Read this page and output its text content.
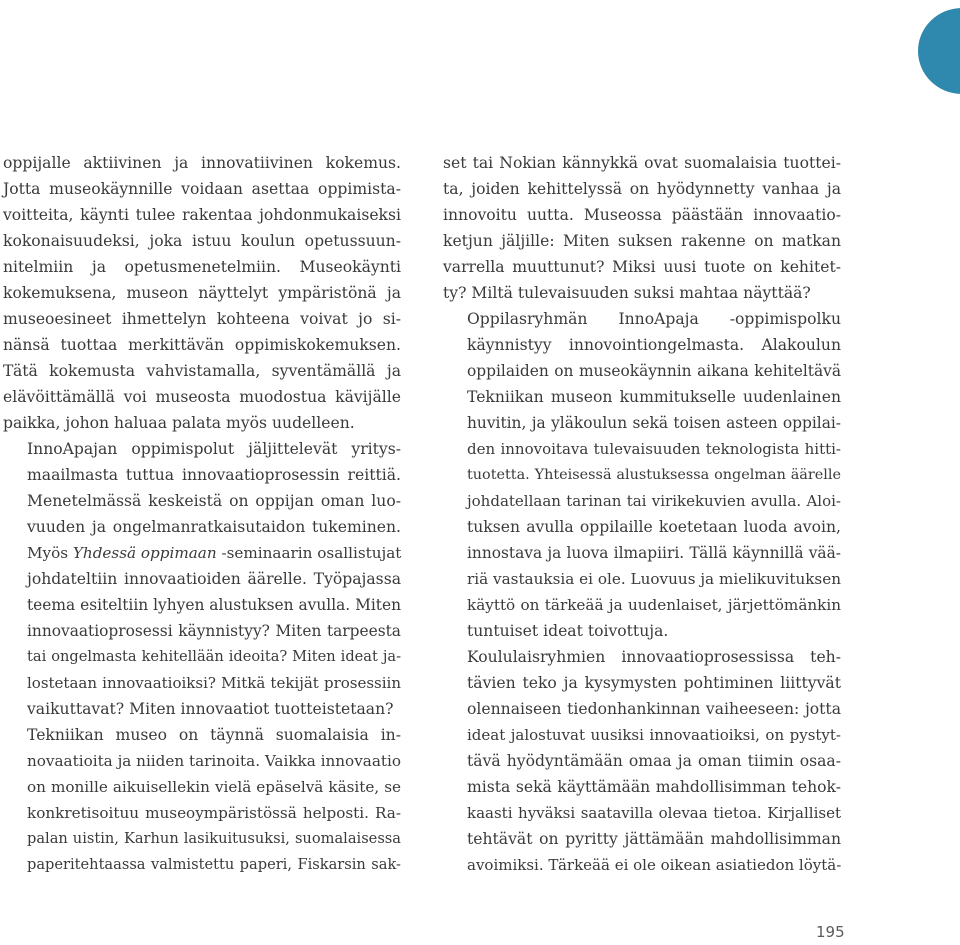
oppijalle aktiivinen ja innovatiivinen kokemus.
Jotta museokäynnille voidaan asettaa oppimista-
voitteita, käynti tulee rakentaa johdonmukaiseksi
kokonaisuudeksi, joka istuu koulun opetussuun-
nitelmiin ja opetusmenetelmiin. Museokäynti
kokemuksena, museon näyttelyt ympäristönä ja
museoesineet ihmettelyn kohteena voivat jo si-
nänsä tuottaa merkittävän oppimiskokemuksen.
Tätä kokemusta vahvistamalla, syventämällä ja
elävöittämällä voi museosta muodostua kävijälle
paikka, johon haluaa palata myös uudelleen.

InnoApajan oppimispolut jäljittelevät yritys-
maailmasta tuttua innovaatioprosessin reittiä.
Menetelmässä keskeistä on oppijan oman luo-
vuuden ja ongelmanratkaisutaidon tukeminen.
Myös Yhdessä oppimaan -seminaarin osallistujat
johdateltiin innovaatioiden äärelle. Työpajassa
teema esiteltiin lyhyen alustuksen avulla. Miten
innovaatioprosessi käynnistyy? Miten tarpeesta
tai ongelmasta kehitellään ideoita? Miten ideat ja-
lostetaan innovaatioiksi? Mitkä tekijät prosessiin
vaikuttavat? Miten innovaatiot tuotteistetaan?

Tekniikan museo on täynnä suomalaisia in-
novaatioita ja niiden tarinoita. Vaikka innovaatio
on monille aikuisellekin vielä epäselvä käsite, se
konkretisoituu museoympäristössä helposti. Ra-
palan uistin, Karhun lasikuitusuksi, suomalaisessa
paperitehtaassa valmistettu paperi, Fiskarsin sak-

set tai Nokian kännykkä ovat suomalaisia tuottei-
ta, joiden kehittelyssä on hyödynnetty vanhaa ja
innovoitu uutta. Museossa päästään innovaatio-
ketjun jäljille: Miten suksen rakenne on matkan
varrella muuttunut? Miksi uusi tuote on kehitet-
ty? Miltä tulevaisuuden suksi mahtaa näyttää?

Oppilasryhmän InnoApaja -oppimispolku
käynnistyy innovointiongelmasta. Alakoulun
oppilaiden on museokäynnin aikana kehiteltävä
Tekniikan museon kummitukselle uudenlainen
huvitin, ja yläkoulun sekä toisen asteen oppilai-
den innovoitava tulevaisuuden teknologista hitti-
tuotetta. Yhteisessä alustuksessa ongelman äärelle
johdatellaan tarinan tai virikekuvien avulla. Aloi-
tuksen avulla oppilaille koetetaan luoda avoin,
innostava ja luova ilmapiiri. Tällä käynnillä vää-
riä vastauksia ei ole. Luovuus ja mielikuvituksen
käyttö on tärkeää ja uudenlaiset, järjettömänkin
tuntuiset ideat toivottuja.

Koululaisryhmien innovaatioprosessissa teh-
tävien teko ja kysymysten pohtiminen liittyvät
olennaiseen tiedonhankinnan vaiheeseen: jotta
ideat jalostuvat uusiksi innovaatioiksi, on pystyt-
tävä hyödyntämään omaa ja oman tiimin osaa-
mista sekä käyttämään mahdollisimman tehok-
kaasti hyväksi saatavilla olevaa tietoa. Kirjalliset
tehtävät on pyritty jättämään mahdollisimman
avoimiksi. Tärkeää ei ole oikean asiatiedon löytä-

195
